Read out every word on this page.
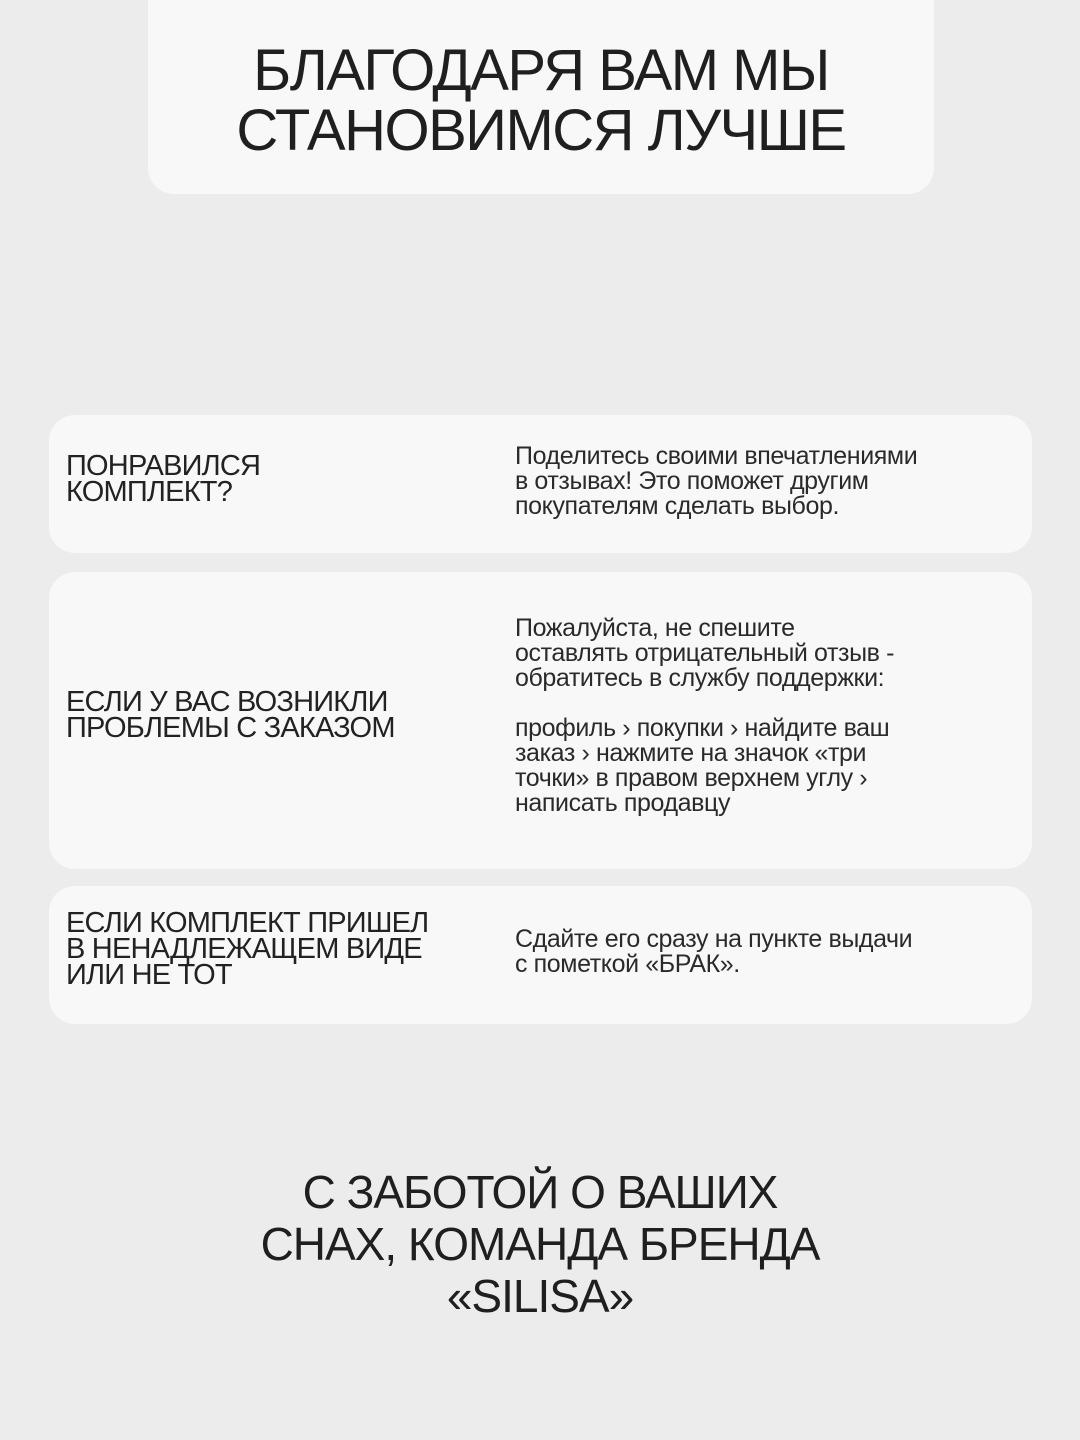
БЛАГОДАРЯ ВАМ МЫ
СТАНОВИМСЯ ЛУЧШЕ
ПОНРАВИЛСЯ
КОМПЛЕКТ?

Поделитесь своими впечатлениями
в отзывах! Это поможет другим
покупателям сделать выбор.

ЕСЛИ У ВАС ВОЗНИКЛИ
ПРОБЛЕМЫ С ЗАКАЗОМ
Пожалуйста, не спешите
оставлять отрицательный отзыв -
обратитесь в службу поддержки:
профиль › покупки › найдите ваш
заказ › нажмите на значок «три
точки» в правом верхнем углу ›
написать продавцу
ЕСЛИ КОМПЛЕКТ ПРИШЕЛ
В НЕНАДЛЕЖАЩЕМ ВИДЕ
ИЛИ НЕ ТОТ

Сдайте его сразу на пункте выдачи
с пометкой «БРАК».

С ЗАБОТОЙ О ВАШИХ
СНАХ, КОМАНДА БРЕНДА
«SILISA»
